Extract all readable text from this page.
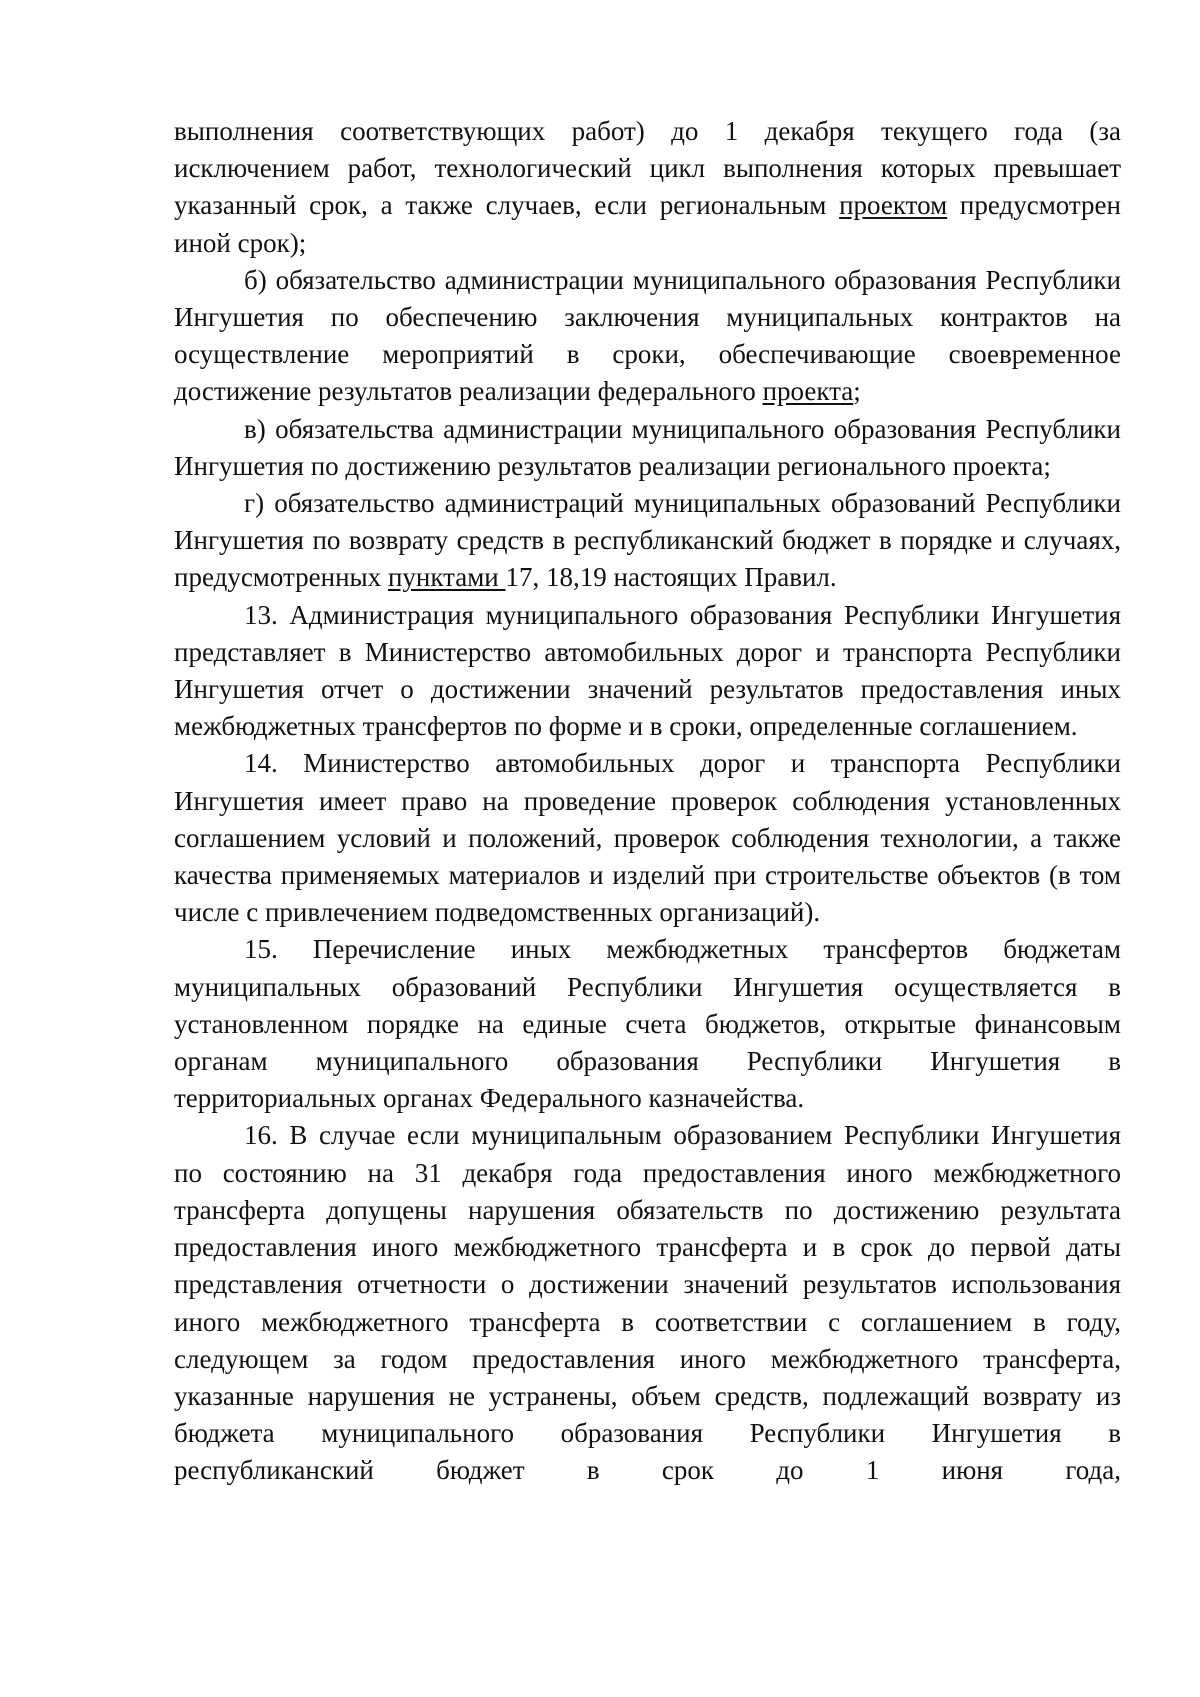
выполнения соответствующих работ) до 1 декабря текущего года (за исключением работ, технологический цикл выполнения которых превышает указанный срок, а также случаев, если региональным проектом предусмотрен иной срок);

б) обязательство администрации муниципального образования Республики Ингушетия по обеспечению заключения муниципальных контрактов на осуществление мероприятий в сроки, обеспечивающие своевременное достижение результатов реализации федерального проекта;

в) обязательства администрации муниципального образования Республики Ингушетия по достижению результатов реализации регионального проекта;

г) обязательство администраций муниципальных образований Республики Ингушетия по возврату средств в республиканский бюджет в порядке и случаях, предусмотренных пунктами 17, 18,19 настоящих Правил.

13. Администрация муниципального образования Республики Ингушетия представляет в Министерство автомобильных дорог и транспорта Республики Ингушетия отчет о достижении значений результатов предоставления иных межбюджетных трансфертов по форме и в сроки, определенные соглашением.

14. Министерство автомобильных дорог и транспорта Республики Ингушетия имеет право на проведение проверок соблюдения установленных соглашением условий и положений, проверок соблюдения технологии, а также качества применяемых материалов и изделий при строительстве объектов (в том числе с привлечением подведомственных организаций).

15. Перечисление иных межбюджетных трансфертов бюджетам муниципальных образований Республики Ингушетия осуществляется в установленном порядке на единые счета бюджетов, открытые финансовым органам муниципального образования Республики Ингушетия в территориальных органах Федерального казначейства.

16. В случае если муниципальным образованием Республики Ингушетия по состоянию на 31 декабря года предоставления иного межбюджетного трансферта допущены нарушения обязательств по достижению результата предоставления иного межбюджетного трансферта и в срок до первой даты представления отчетности о достижении значений результатов использования иного межбюджетного трансферта в соответствии с соглашением в году, следующем за годом предоставления иного межбюджетного трансферта, указанные нарушения не устранены, объем средств, подлежащий возврату из бюджета муниципального образования Республики Ингушетия в республиканский бюджет в срок до 1 июня года,
